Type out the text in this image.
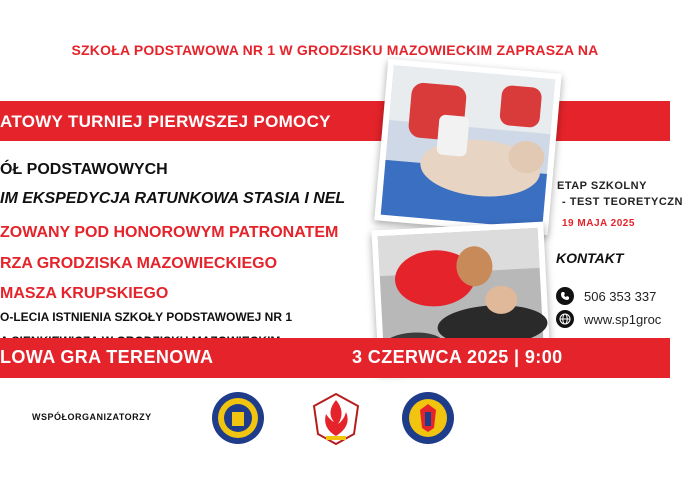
SZKOŁA PODSTAWOWA NR 1 W GRODZISKU MAZOWIECKIM ZAPRASZA NA
ATOWY TURNIEJ PIERWSZEJ POMOCY
ÓŁ PODSTAWOWYCH
IM EKSPEDYCJA RATUNKOWA STASIA I NEL
ZOWANY POD HONOROWYM PATRONATEM
RZA GRODZISKA MAZOWIECKIEGO
MASZA KRUPSKIEGO
O-LECIA ISTNIENIA SZKOŁY PODSTAWOWEJ NR 1
ETAP SZKOLNY
- TEST TEORETYCZN
19 MAJA 2025
KONTAKT
506 353 337
www.sp1groc
LOWA GRA TERENOWA	3 CZERWCA 2025 | 9:00
WSPÓŁORGANIZATORZY
